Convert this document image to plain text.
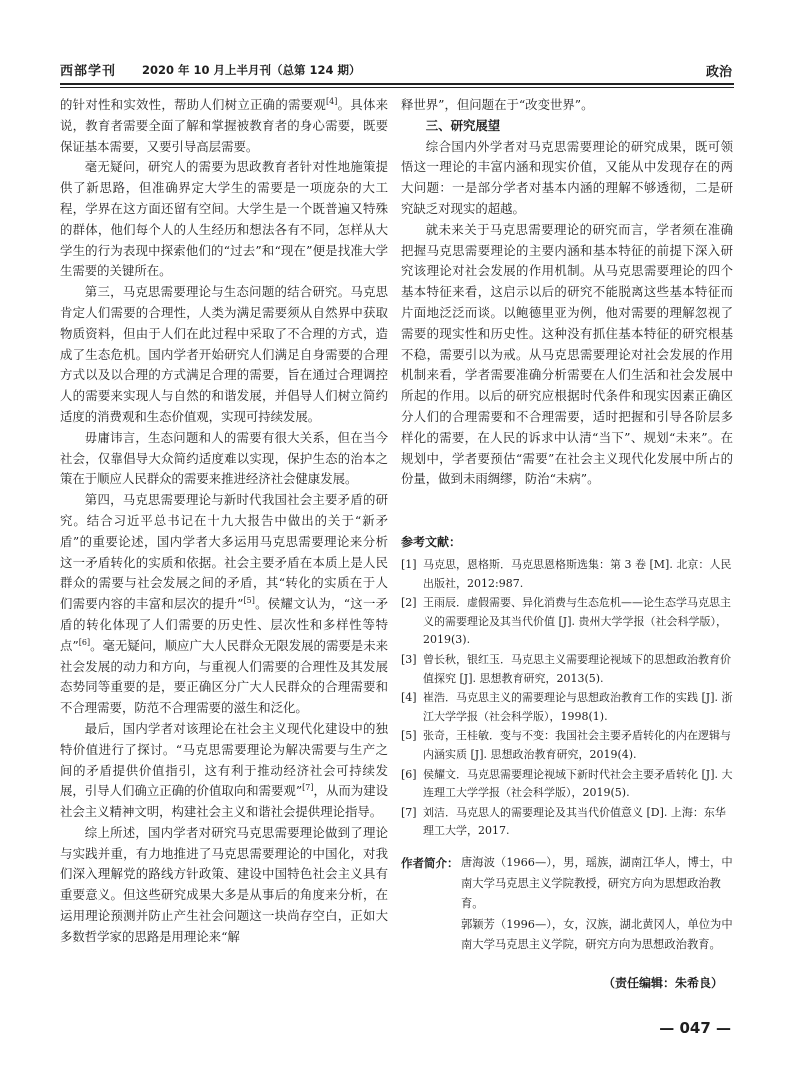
西部学刊 2020 年 10 月上半月刊（总第 124 期）	政治

的针对性和实效性，帮助人们树立正确的需要观[4]。具体来说，教育者需要全面了解和掌握被教育者的身心需要，既要保证基本需要，又要引导高层需要。

毫无疑问，研究人的需要为思政教育者针对性地施策提供了新思路，但准确界定大学生的需要是一项庞杂的大工程，学界在这方面还留有空间。大学生是一个既普遍又特殊的群体，他们每个人的人生经历和想法各有不同，怎样从大学生的行为表现中探索他们的“过去”和“现在”便是找准大学生需要的关键所在。

第三，马克思需要理论与生态问题的结合研究。马克思肯定人们需要的合理性，人类为满足需要须从自然界中获取物质资料，但由于人们在此过程中采取了不合理的方式，造成了生态危机。国内学者开始研究人们满足自身需要的合理方式以及以合理的方式满足合理的需要，旨在通过合理调控人的需要来实现人与自然的和谐发展，并倡导人们树立简约适度的消费观和生态价值观，实现可持续发展。

毋庸讳言，生态问题和人的需要有很大关系，但在当今社会，仅靠倡导大众简约适度难以实现，保护生态的治本之策在于顺应人民群众的需要来推进经济社会健康发展。

第四，马克思需要理论与新时代我国社会主要矛盾的研究。结合习近平总书记在十九大报告中做出的关于“新矛盾”的重要论述，国内学者大多运用马克思需要理论来分析这一矛盾转化的实质和依据。社会主要矛盾在本质上是人民群众的需要与社会发展之间的矛盾，其“转化的实质在于人们需要内容的丰富和层次的提升”[5]。侯耀文认为，“这一矛盾的转化体现了人们需要的历史性、层次性和多样性等特点”[6]。毫无疑问，顺应广大人民群众无限发展的需要是未来社会发展的动力和方向，与重视人们需要的合理性及其发展态势同等重要的是，要正确区分广大人民群众的合理需要和不合理需要，防范不合理需要的滋生和泛化。

最后，国内学者对该理论在社会主义现代化建设中的独特价值进行了探讨。“马克思需要理论为解决需要与生产之间的矛盾提供价值指引，这有利于推动经济社会可持续发展，引导人们确立正确的价值取向和需要观”[7]，从而为建设社会主义精神文明，构建社会主义和谐社会提供理论指导。

综上所述，国内学者对研究马克思需要理论做到了理论与实践并重，有力地推进了马克思需要理论的中国化，对我们深入理解党的路线方针政策、建设中国特色社会主义具有重要意义。但这些研究成果大多是从事后的角度来分析，在运用理论预测并防止产生社会问题这一块尚存空白，正如大多数哲学家的思路是用理论来“解

释世界”，但问题在于“改变世界”。

三、研究展望

综合国内外学者对马克思需要理论的研究成果，既可领悟这一理论的丰富内涵和现实价值，又能从中发现存在的两大问题：一是部分学者对基本内涵的理解不够透彻，二是研究缺乏对现实的超越。

就未来关于马克思需要理论的研究而言，学者须在准确把握马克思需要理论的主要内涵和基本特征的前提下深入研究该理论对社会发展的作用机制。从马克思需要理论的四个基本特征来看，这启示以后的研究不能脱离这些基本特征而片面地泛泛而谈。以鲍德里亚为例，他对需要的理解忽视了需要的现实性和历史性。这种没有抓住基本特征的研究根基不稳，需要引以为戒。从马克思需要理论对社会发展的作用机制来看，学者需要准确分析需要在人们生活和社会发展中所起的作用。以后的研究应根据时代条件和现实因素正确区分人们的合理需要和不合理需要，适时把握和引导各阶层多样化的需要，在人民的诉求中认清“当下”、规划“未来”。在规划中，学者要预估“需要”在社会主义现代化发展中所占的份量，做到未雨绸缪，防治“未病”。

参考文献：

[1] 马克思，恩格斯．马克思恩格斯选集：第 3 卷 [M]. 北京：人民出版社，2012:987.
[2] 王雨辰．虚假需要、异化消费与生态危机——论生态学马克思主义的需要理论及其当代价值 [J]. 贵州大学学报（社会科学版），2019(3).
[3] 曾长秋，银红玉．马克思主义需要理论视域下的思想政治教育价值探究 [J]. 思想教育研究，2013(5).
[4] 崔浩．马克思主义的需要理论与思想政治教育工作的实践 [J]. 浙江大学学报（社会科学版），1998(1).
[5] 张奇，王桂敏．变与不变：我国社会主要矛盾转化的内在逻辑与内涵实质 [J]. 思想政治教育研究，2019(4).
[6] 侯耀文．马克思需要理论视域下新时代社会主要矛盾转化 [J]. 大连理工大学学报（社会科学版），2019(5).
[7] 刘洁．马克思人的需要理论及其当代价值意义 [D]. 上海：东华理工大学，2017.
作者简介： 唐海波（1966—），男，瑶族，湖南江华人，博士，中南大学马克思主义学院教授，研究方向为思想政治教育。
郭颖芳（1996—），女，汉族，湖北黄冈人，单位为中南大学马克思主义学院，研究方向为思想政治教育。
（责任编辑：朱希良）
— 047 —
